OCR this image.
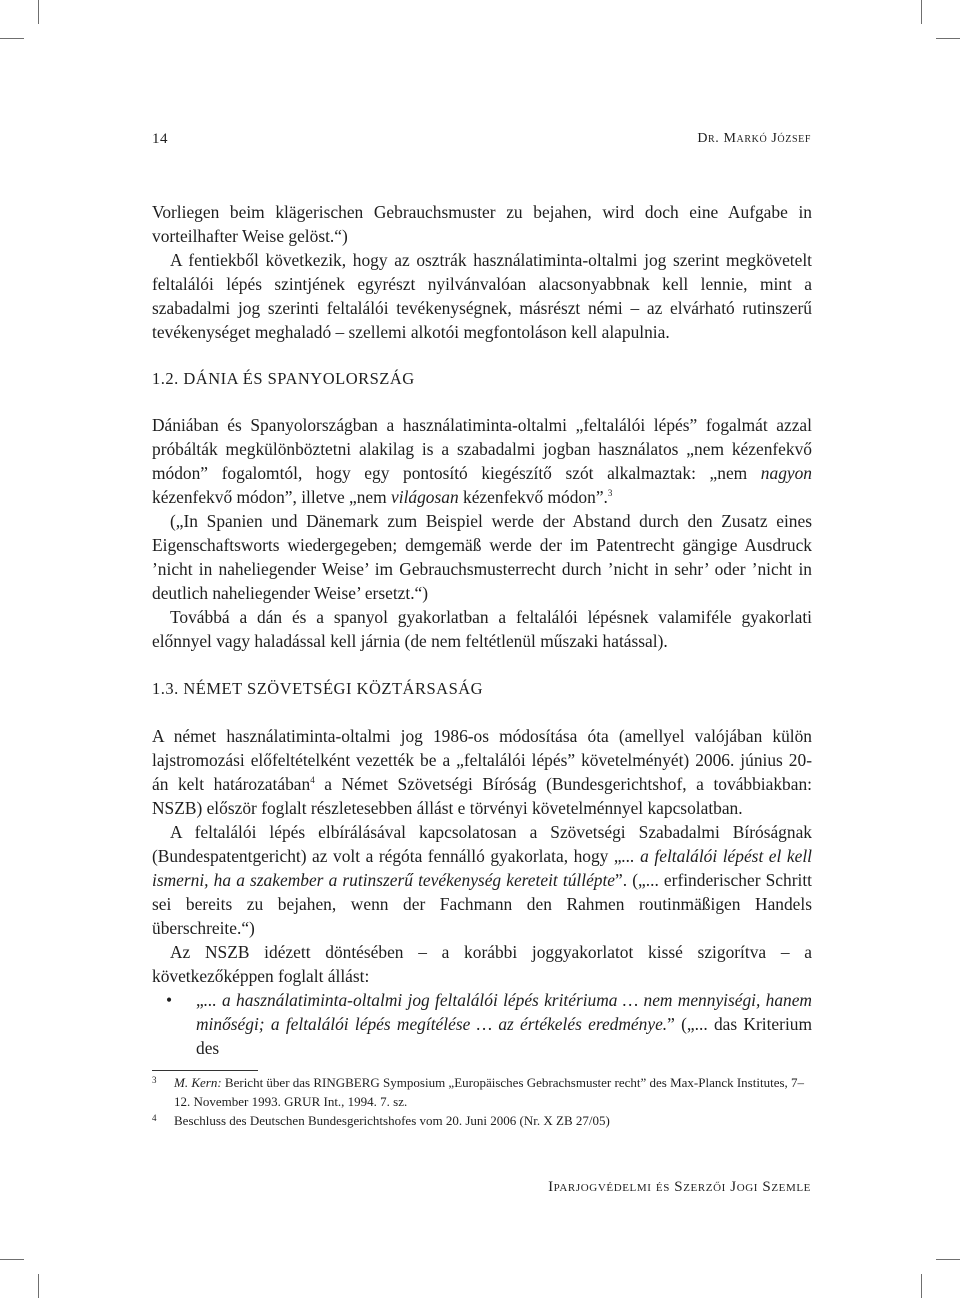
14	Dr. Markó József

Vorliegen beim klägerischen Gebrauchsmuster zu bejahen, wird doch eine Aufgabe in vorteilhafter Weise gelöst.“)

A fentiekből következik, hogy az osztrák használatiminta-oltalmi jog szerint megkövetelt feltalálói lépés szintjének egyrészt nyilvánvalóan alacsonyabbnak kell lennie, mint a szabadalmi jog szerinti feltalálói tevékenységnek, másrészt némi – az elvárható rutinszerű tevékenységet meghaladó – szellemi alkotói megfontoláson kell alapulnia.

1.2. DÁNIA ÉS SPANYOLORSZÁG

Dániában és Spanyolországban a használatiminta-oltalmi „feltalálói lépés” fogalmát azzal próbálták megkülönböztetni alakilag is a szabadalmi jogban használatos „nem kézenfekvő módon” fogalomtól, hogy egy pontosító kiegészítő szót alkalmaztak: „nem nagyon kézenfekvő módon”, illetve „nem világosan kézenfekvő módon”.$^3$

(„In Spanien und Dänemark zum Beispiel werde der Abstand durch den Zusatz eines Eigenschaftsworts wiedergegeben; demgemäß werde der im Patentrecht gängige Ausdruck ’nicht in naheliegender Weise’ im Gebrauchsmusterrecht durch ’nicht in sehr’ oder ’nicht in deutlich naheliegender Weise’ ersetzt.“)

Továbbá a dán és a spanyol gyakorlatban a feltalálói lépésnek valamiféle gyakorlati előnnyel vagy haladással kell járnia (de nem feltétlenül műszaki hatással).

1.3. NÉMET SZÖVETSÉGI KÖZTÁRSASÁG

A német használatiminta-oltalmi jog 1986-os módosítása óta (amellyel valójában külön lajstromozási előfeltételként vezették be a „feltalálói lépés” követelményét) 2006. június 20-án kelt határozatában$^4$ a Német Szövetségi Bíróság (Bundesgerichtshof, a továbbiakban: NSZB) először foglalt részletesebben állást e törvényi követelménnyel kapcsolatban.

A feltalálói lépés elbírálásával kapcsolatosan a Szövetségi Szabadalmi Bíróságnak (Bundespatentgericht) az volt a régóta fennálló gyakorlata, hogy „... a feltalálói lépést el kell ismerni, ha a szakember a rutinszerű tevékenység kereteit túllépte”. („... erfinderischer Schritt sei bereits zu bejahen, wenn der Fachmann den Rahmen routinmäßigen Handels überschreite.“)

Az NSZB idézett döntésében – a korábbi joggyakorlatot kissé szigorítva – a következőképpen foglalt állást:

• „... a használatiminta-oltalmi jog feltalálói lépés kritériuma … nem mennyiségi, hanem minőségi; a feltalálói lépés megítélése … az értékelés eredménye.” („... das Kriterium des

3 M. Kern: Bericht über das RINGBERG Symposium „Europäisches Gebrachsmuster recht” des Max-Planck Institutes, 7–12. November 1993. GRUR Int., 1994. 7. sz.
4 Beschluss des Deutschen Bundesgerichtshofes vom 20. Juni 2006 (Nr. X ZB 27/05)
Iparjogvédelmi és Szerzői Jogi Szemle
